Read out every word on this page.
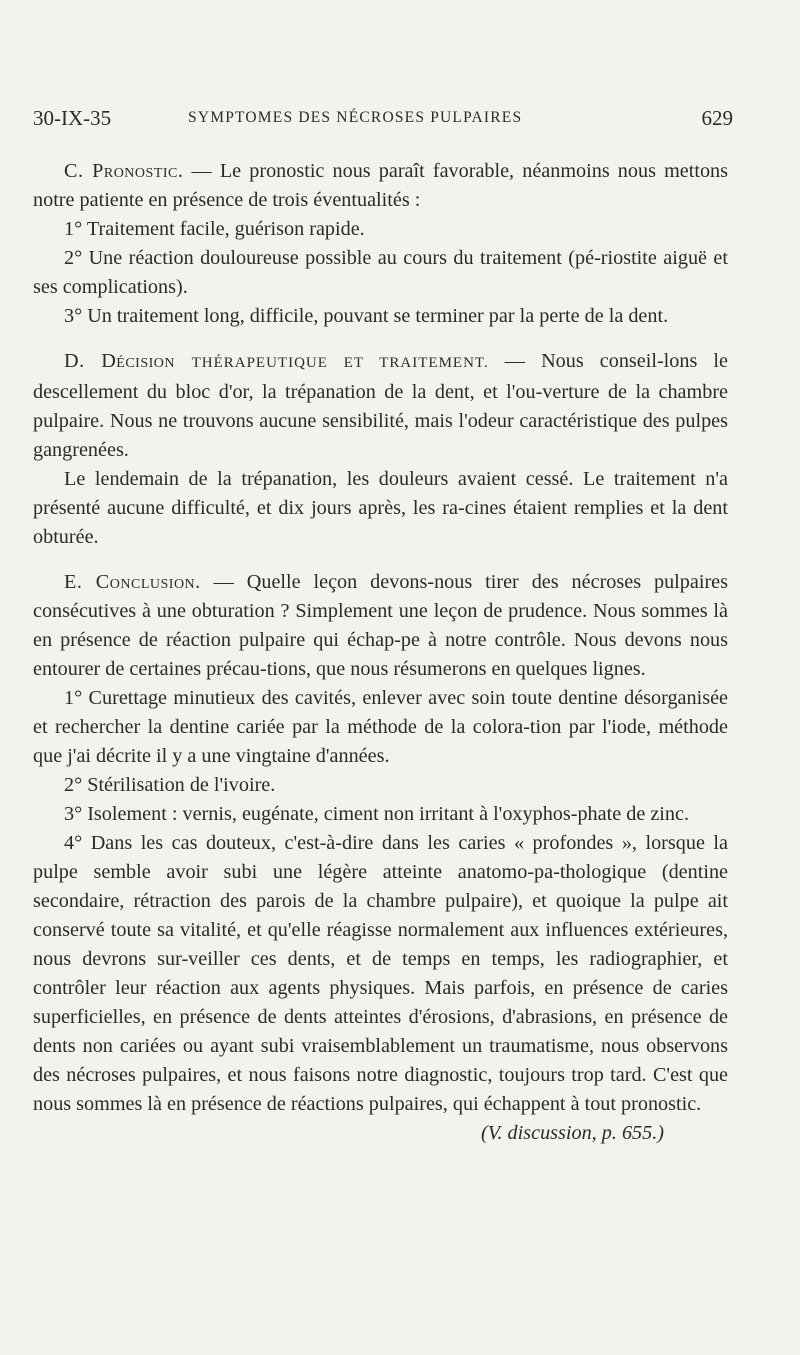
30-IX-35	SYMPTOMES DES NÉCROSES PULPAIRES	629

C. Pronostic. — Le pronostic nous paraît favorable, néanmoins nous mettons notre patiente en présence de trois éventualités :

1° Traitement facile, guérison rapide.

2° Une réaction douloureuse possible au cours du traitement (pé-riostite aiguë et ses complications).

3° Un traitement long, difficile, pouvant se terminer par la perte de la dent.

D. Décision THÉRAPEUTIQUE ET TRAITEMENT. — Nous conseil-lons le descellement du bloc d'or, la trépanation de la dent, et l'ou-verture de la chambre pulpaire. Nous ne trouvons aucune sensibilité, mais l'odeur caractéristique des pulpes gangrenées.

Le lendemain de la trépanation, les douleurs avaient cessé. Le traitement n'a présenté aucune difficulté, et dix jours après, les ra-cines étaient remplies et la dent obturée.

E. Conclusion. — Quelle leçon devons-nous tirer des nécroses pulpaires consécutives à une obturation ? Simplement une leçon de prudence. Nous sommes là en présence de réaction pulpaire qui échap-pe à notre contrôle. Nous devons nous entourer de certaines précau-tions, que nous résumerons en quelques lignes.

1° Curettage minutieux des cavités, enlever avec soin toute dentine désorganisée et rechercher la dentine cariée par la méthode de la colora-tion par l'iode, méthode que j'ai décrite il y a une vingtaine d'années.

2° Stérilisation de l'ivoire.

3° Isolement : vernis, eugénate, ciment non irritant à l'oxyphos-phate de zinc.

4° Dans les cas douteux, c'est-à-dire dans les caries « profondes », lorsque la pulpe semble avoir subi une légère atteinte anatomo-pa-thologique (dentine secondaire, rétraction des parois de la chambre pulpaire), et quoique la pulpe ait conservé toute sa vitalité, et qu'elle réagisse normalement aux influences extérieures, nous devrons sur-veiller ces dents, et de temps en temps, les radiographier, et contrôler leur réaction aux agents physiques. Mais parfois, en présence de caries superficielles, en présence de dents atteintes d'érosions, d'abrasions, en présence de dents non cariées ou ayant subi vraisemblablement un traumatisme, nous observons des nécroses pulpaires, et nous faisons notre diagnostic, toujours trop tard. C'est que nous sommes là en présence de réactions pulpaires, qui échappent à tout pronostic.

(V. discussion, p. 655.)
